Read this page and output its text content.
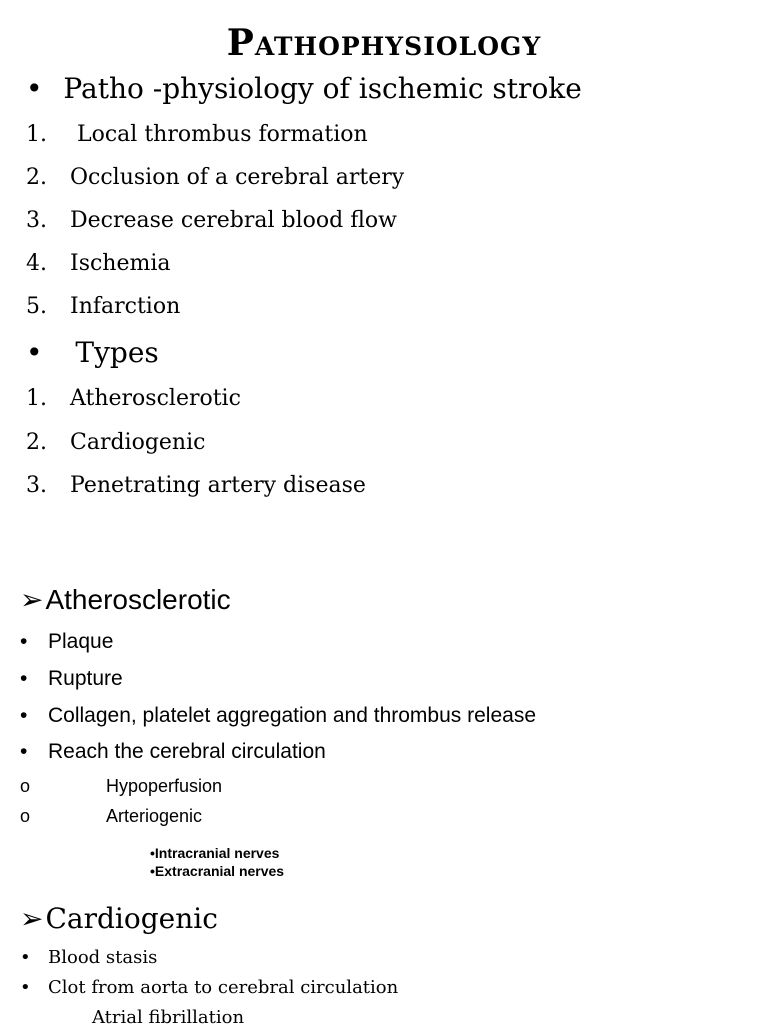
Pathophysiology
• Patho -physiology of ischemic stroke
1. Local thrombus formation
2. Occlusion of a cerebral artery
3. Decrease cerebral blood flow
4. Ischemia
5. Infarction
• Types
1. Atherosclerotic
2. Cardiogenic
3. Penetrating artery disease
➢Atherosclerotic
• Plaque
• Rupture
• Collagen, platelet aggregation and thrombus release
• Reach the cerebral circulation
o	Hypoperfusion
o	Arteriogenic
•Intracranial nerves
•Extracranial nerves
➢Cardiogenic
• Blood stasis
• Clot from aorta to cerebral circulation
Atrial fibrillation
